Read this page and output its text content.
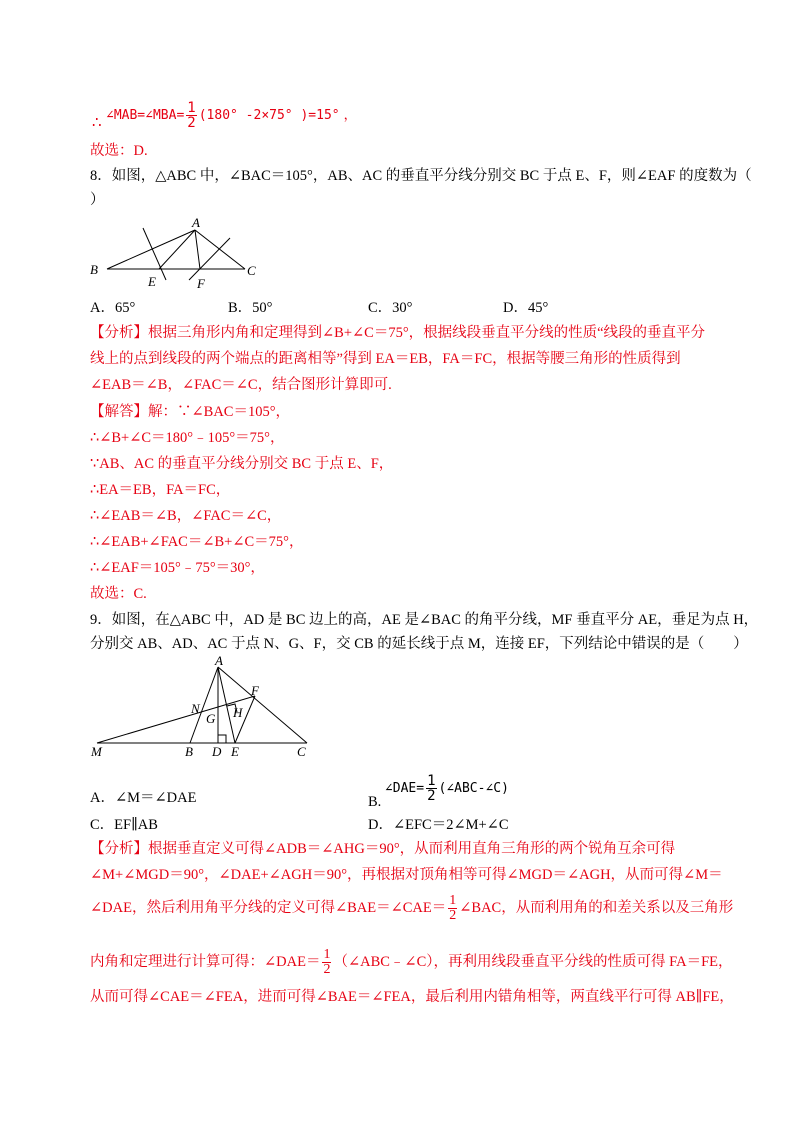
∴ ∠MAB=∠MBA= $\frac{1}{2} (180^\circ$ -2×75° )=15° ，
故选：D.
8．如图，△ABC 中，∠BAC＝105°，AB、AC 的垂直平分线分别交 BC 于点 E、F，则∠EAF 的度数为（
）
A
B	C
E	F
A．65°	B．50°	C．30°	D．45°
【分析】根据三角形内角和定理得到∠B+∠C＝75°，根据线段垂直平分线的性质“线段的垂直平分线上的点到线段的两个端点的距离相等”得到 EA＝EB，FA＝FC，根据等腰三角形的性质得到∠EAB＝∠B，∠FAC＝∠C，结合图形计算即可.
【解答】解：∵∠BAC＝105°，
∴∠B+∠C＝180°﹣105°＝75°，
∵AB、AC 的垂直平分线分别交 BC 于点 E、F，
∴EA＝EB，FA＝FC，
∴∠EAB＝∠B，∠FAC＝∠C，
∴∠EAB+∠FAC＝∠B+∠C＝75°，
∴∠EAF＝105°﹣75°＝30°，
故选：C.
9．如图，在△ABC 中，AD 是 BC 边上的高，AE 是∠BAC 的角平分线，MF 垂直平分 AE，垂足为点 H，
分别交 AB、AD、AC 于点 N、G、F，交 CB 的延长线于点 M，连接 EF，下列结论中错误的是（　　）
A
F
N	H
G
M	B D E	C
A．∠M＝∠DAE	B. ∠DAE= $\frac{1}{2}$ (∠ABC-∠C)
C．EF∥AB	D．∠EFC＝2∠M+∠C
【分析】根据垂直定义可得∠ADB＝∠AHG＝90°，从而利用直角三角形的两个锐角互余可得
∠M+∠MGD＝90°，∠DAE+∠AGH＝90°，再根据对顶角相等可得∠MGD＝∠AGH，从而可得∠M＝
∠DAE，然后利用角平分线的定义可得∠BAE＝∠CAE＝ $\frac{1}{2}$ ∠BAC，从而利用角的和差关系以及三角形
内角和定理进行计算可得：∠DAE＝ $\frac{1}{2}$ （∠ABC﹣∠C），再利用线段垂直平分线的性质可得 FA＝FE，
从而可得∠CAE＝∠FEA，进而可得∠BAE＝∠FEA，最后利用内错角相等，两直线平行可得 AB∥FE，
